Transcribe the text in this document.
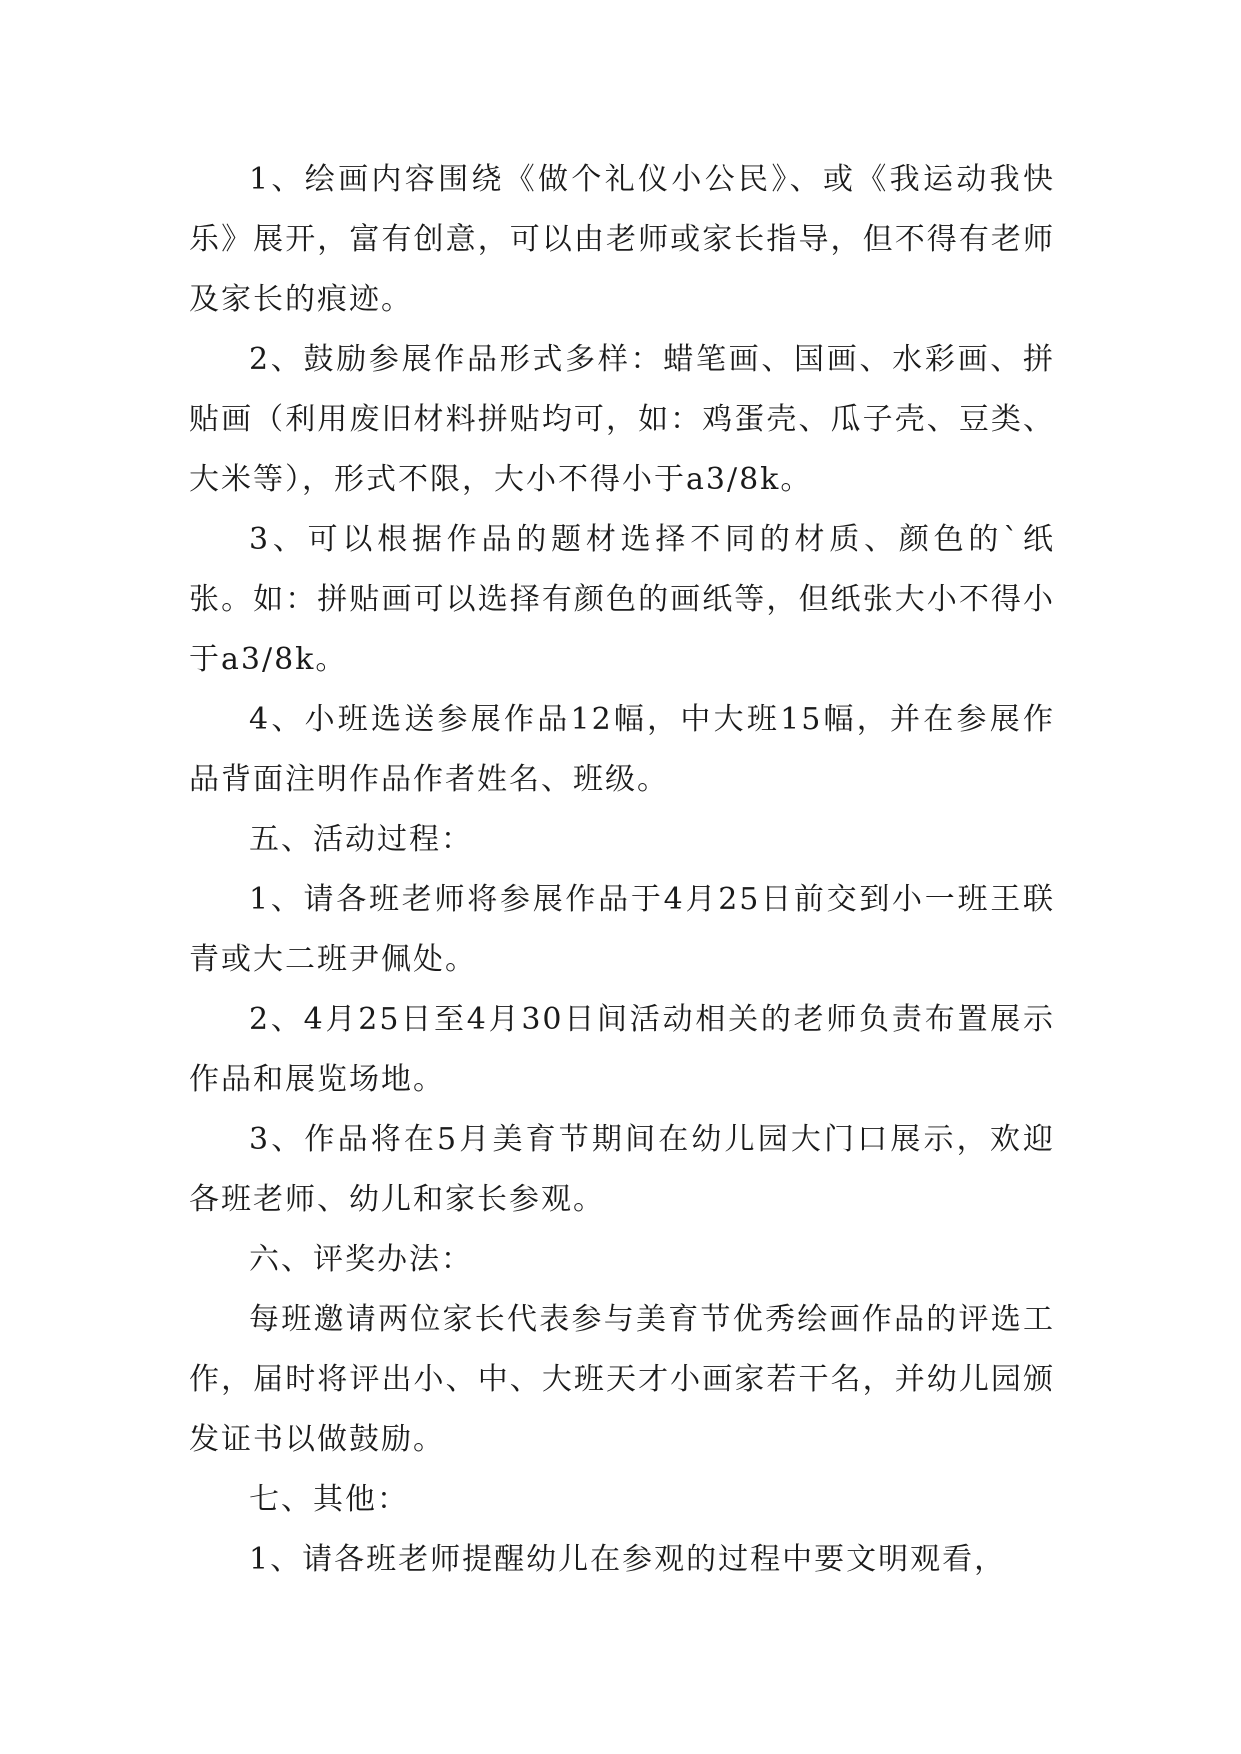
1、绘画内容围绕《做个礼仪小公民》、或《我运动我快乐》展开，富有创意，可以由老师或家长指导，但不得有老师及家长的痕迹。

2、鼓励参展作品形式多样：蜡笔画、国画、水彩画、拼贴画（利用废旧材料拼贴均可，如：鸡蛋壳、瓜子壳、豆类、大米等），形式不限，大小不得小于a3/8k。

3、可以根据作品的题材选择不同的材质、颜色的`纸张。如：拼贴画可以选择有颜色的画纸等，但纸张大小不得小于a3/8k。

4、小班选送参展作品12幅，中大班15幅，并在参展作品背面注明作品作者姓名、班级。

五、活动过程：

1、请各班老师将参展作品于4月25日前交到小一班王联青或大二班尹佩处。

2、4月25日至4月30日间活动相关的老师负责布置展示作品和展览场地。

3、作品将在5月美育节期间在幼儿园大门口展示，欢迎各班老师、幼儿和家长参观。

六、评奖办法：

每班邀请两位家长代表参与美育节优秀绘画作品的评选工作，届时将评出小、中、大班天才小画家若干名，并幼儿园颁发证书以做鼓励。

七、其他：

1、请各班老师提醒幼儿在参观的过程中要文明观看，
